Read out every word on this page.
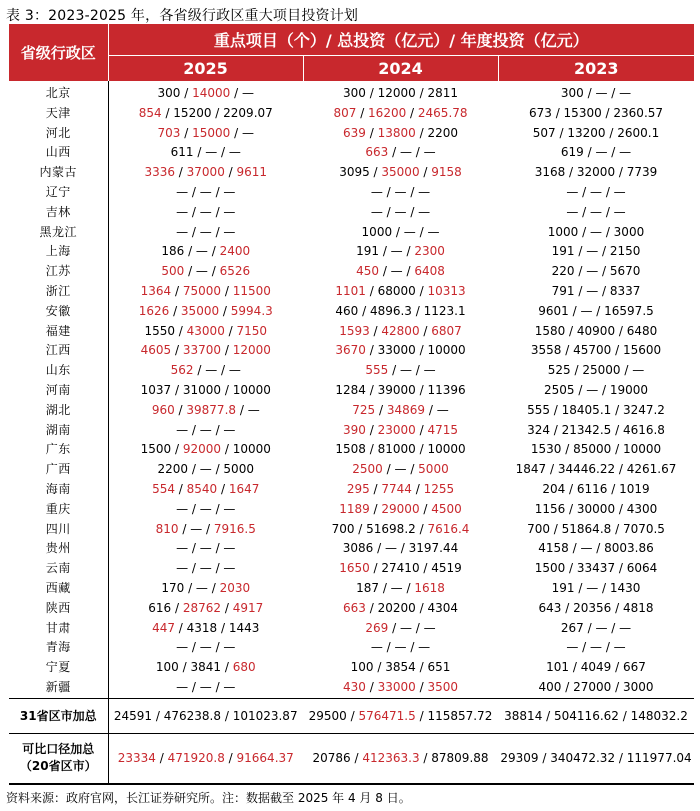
表 3：2023-2025 年，各省级行政区重大项目投资计划
省级行政区	重点项目（个）/ 总投资（亿元）/ 年度投资（亿元）		
	2025	2024	2023
北京	300 / 14000 / —	300 / 12000 / 2811	300 / — / —
天津	854 / 15200 / 2209.07	807 / 16200 / 2465.78	673 / 15300 / 2360.57
河北	703 / 15000 / —	639 / 13800 / 2200	507 / 13200 / 2600.1
山西	611 / — / —	663 / — / —	619 / — / —
内蒙古	3336 / 37000 / 9611	3095 / 35000 / 9158	3168 / 32000 / 7739
辽宁	— / — / —	— / — / —	— / — / —
吉林	— / — / —	— / — / —	— / — / —
黑龙江	— / — / —	1000 / — / —	1000 / — / 3000
上海	186 / — / 2400	191 / — / 2300	191 / — / 2150
江苏	500 / — / 6526	450 / — / 6408	220 / — / 5670
浙江	1364 / 75000 / 11500	1101 / 68000 / 10313	791 / — / 8337
安徽	1626 / 35000 / 5994.3	460 / 4896.3 / 1123.1	9601 / — / 16597.5
福建	1550 / 43000 / 7150	1593 / 42800 / 6807	1580 / 40900 / 6480
江西	4605 / 33700 / 12000	3670 / 33000 / 10000	3558 / 45700 / 15600
山东	562 / — / —	555 / — / —	525 / 25000 / —
河南	1037 / 31000 / 10000	1284 / 39000 / 11396	2505 / — / 19000
湖北	960 / 39877.8 / —	725 / 34869 / —	555 / 18405.1 / 3247.2
湖南	— / — / —	390 / 23000 / 4715	324 / 21342.5 / 4616.8
广东	1500 / 92000 / 10000	1508 / 81000 / 10000	1530 / 85000 / 10000
广西	2200 / — / 5000	2500 / — / 5000	1847 / 34446.22 / 4261.67
海南	554 / 8540 / 1647	295 / 7744 / 1255	204 / 6116 / 1019
重庆	— / — / —	1189 / 29000 / 4500	1156 / 30000 / 4300
四川	810 / — / 7916.5	700 / 51698.2 / 7616.4	700 / 51864.8 / 7070.5
贵州	— / — / —	3086 / — / 3197.44	4158 / — / 8003.86
云南	— / — / —	1650 / 27410 / 4519	1500 / 33437 / 6064
西藏	170 / — / 2030	187 / — / 1618	191 / — / 1430
陕西	616 / 28762 / 4917	663 / 20200 / 4304	643 / 20356 / 4818
甘肃	447 / 4318 / 1443	269 / — / —	267 / — / —
青海	— / — / —	— / — / —	— / — / —
宁夏	100 / 3841 / 680	100 / 3854 / 651	101 / 4049 / 667
新疆	— / — / —	430 / 33000 / 3500	400 / 27000 / 3000
31省区市加总	24591 / 476238.8 / 101023.87	29500 / 576471.5 / 115857.72	38814 / 504116.62 / 148032.2
可比口径加总
（20省区市）	23334 / 471920.8 / 91664.37	20786 / 412363.3 / 87809.88	29309 / 340472.32 / 111977.04
资料来源：政府官网，长江证券研究所。注：数据截至 2025 年 4 月 8 日。
